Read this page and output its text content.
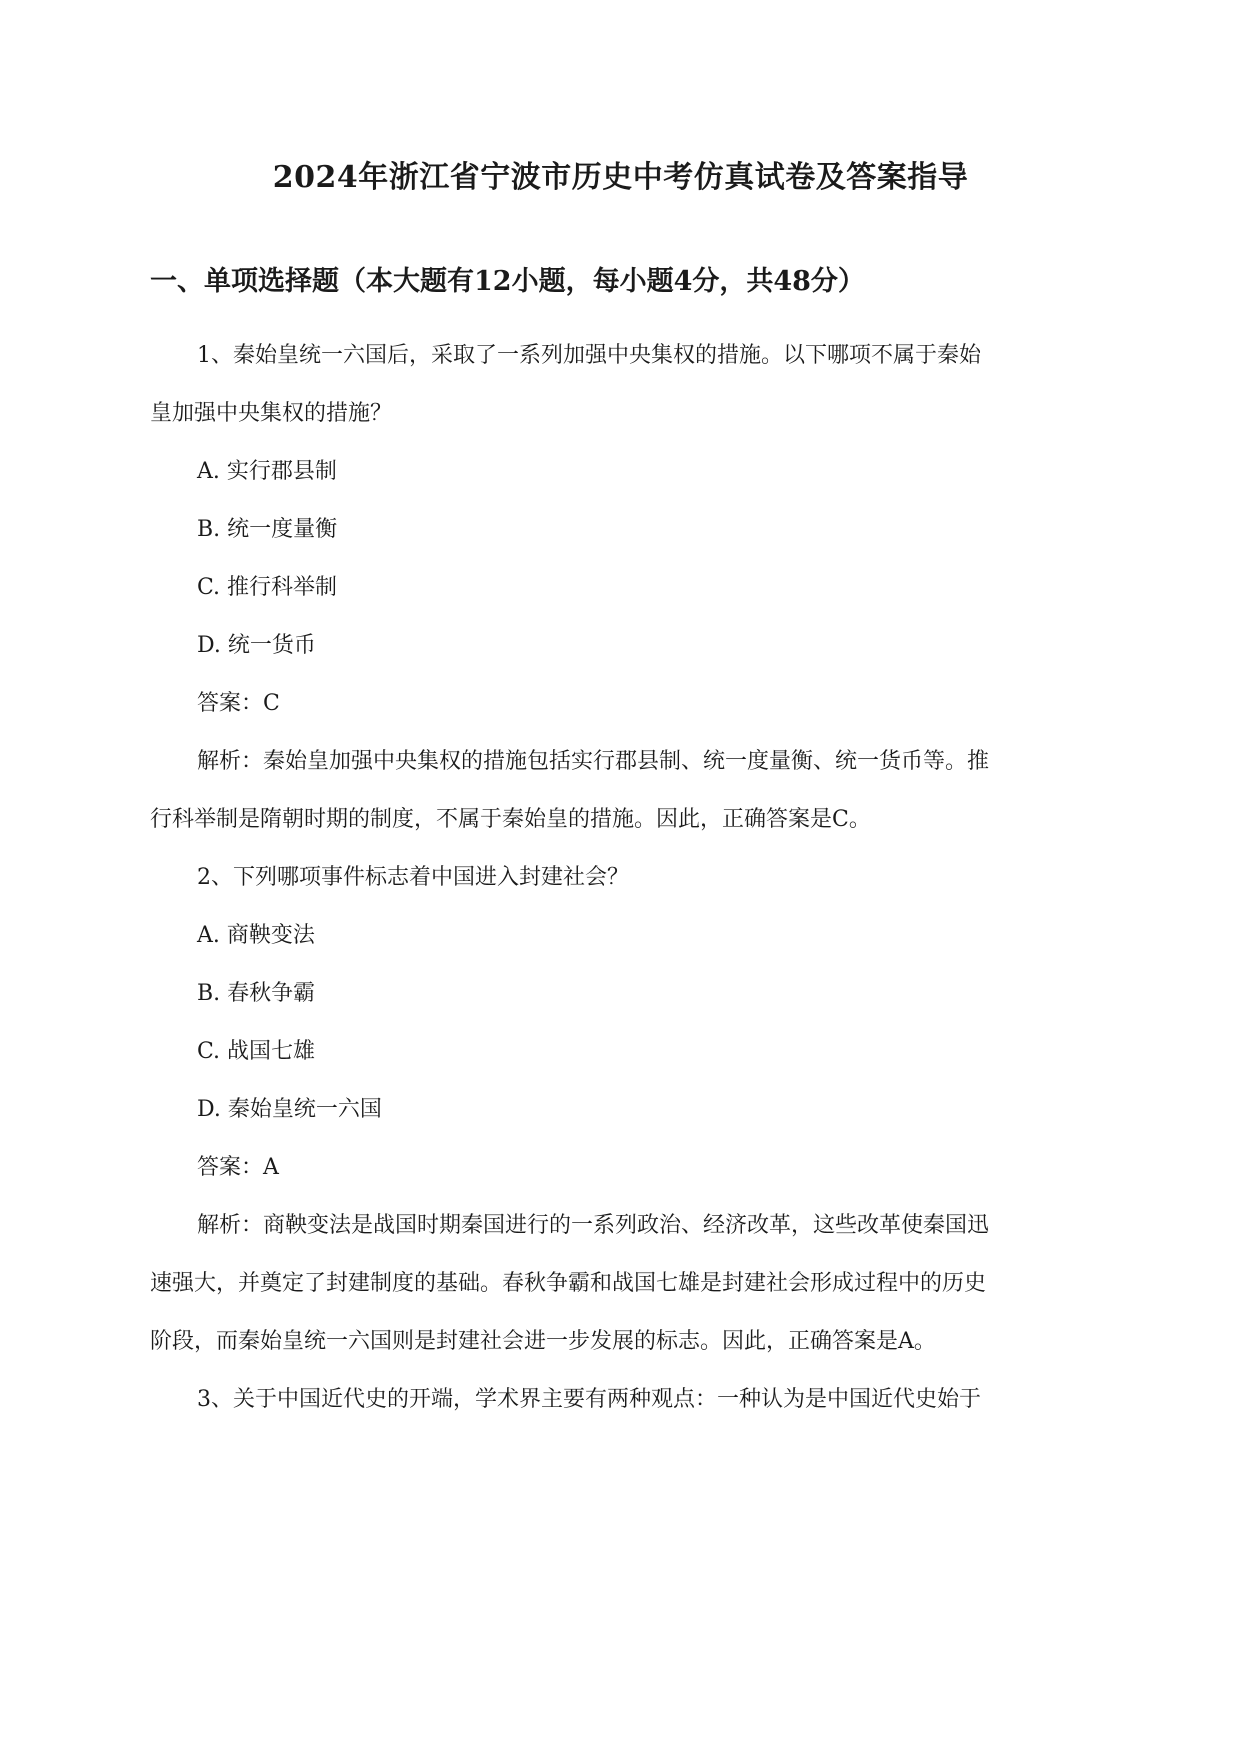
2024年浙江省宁波市历史中考仿真试卷及答案指导
一、单项选择题（本大题有12小题，每小题4分，共48分）
1、秦始皇统一六国后，采取了一系列加强中央集权的措施。以下哪项不属于秦始
皇加强中央集权的措施？
A. 实行郡县制
B. 统一度量衡
C. 推行科举制
D. 统一货币
答案：C
解析：秦始皇加强中央集权的措施包括实行郡县制、统一度量衡、统一货币等。推
行科举制是隋朝时期的制度，不属于秦始皇的措施。因此，正确答案是C。
2、下列哪项事件标志着中国进入封建社会？
A. 商鞅变法
B. 春秋争霸
C. 战国七雄
D. 秦始皇统一六国
答案：A
解析：商鞅变法是战国时期秦国进行的一系列政治、经济改革，这些改革使秦国迅
速强大，并奠定了封建制度的基础。春秋争霸和战国七雄是封建社会形成过程中的历史
阶段，而秦始皇统一六国则是封建社会进一步发展的标志。因此，正确答案是A。
3、关于中国近代史的开端，学术界主要有两种观点：一种认为是中国近代史始于
